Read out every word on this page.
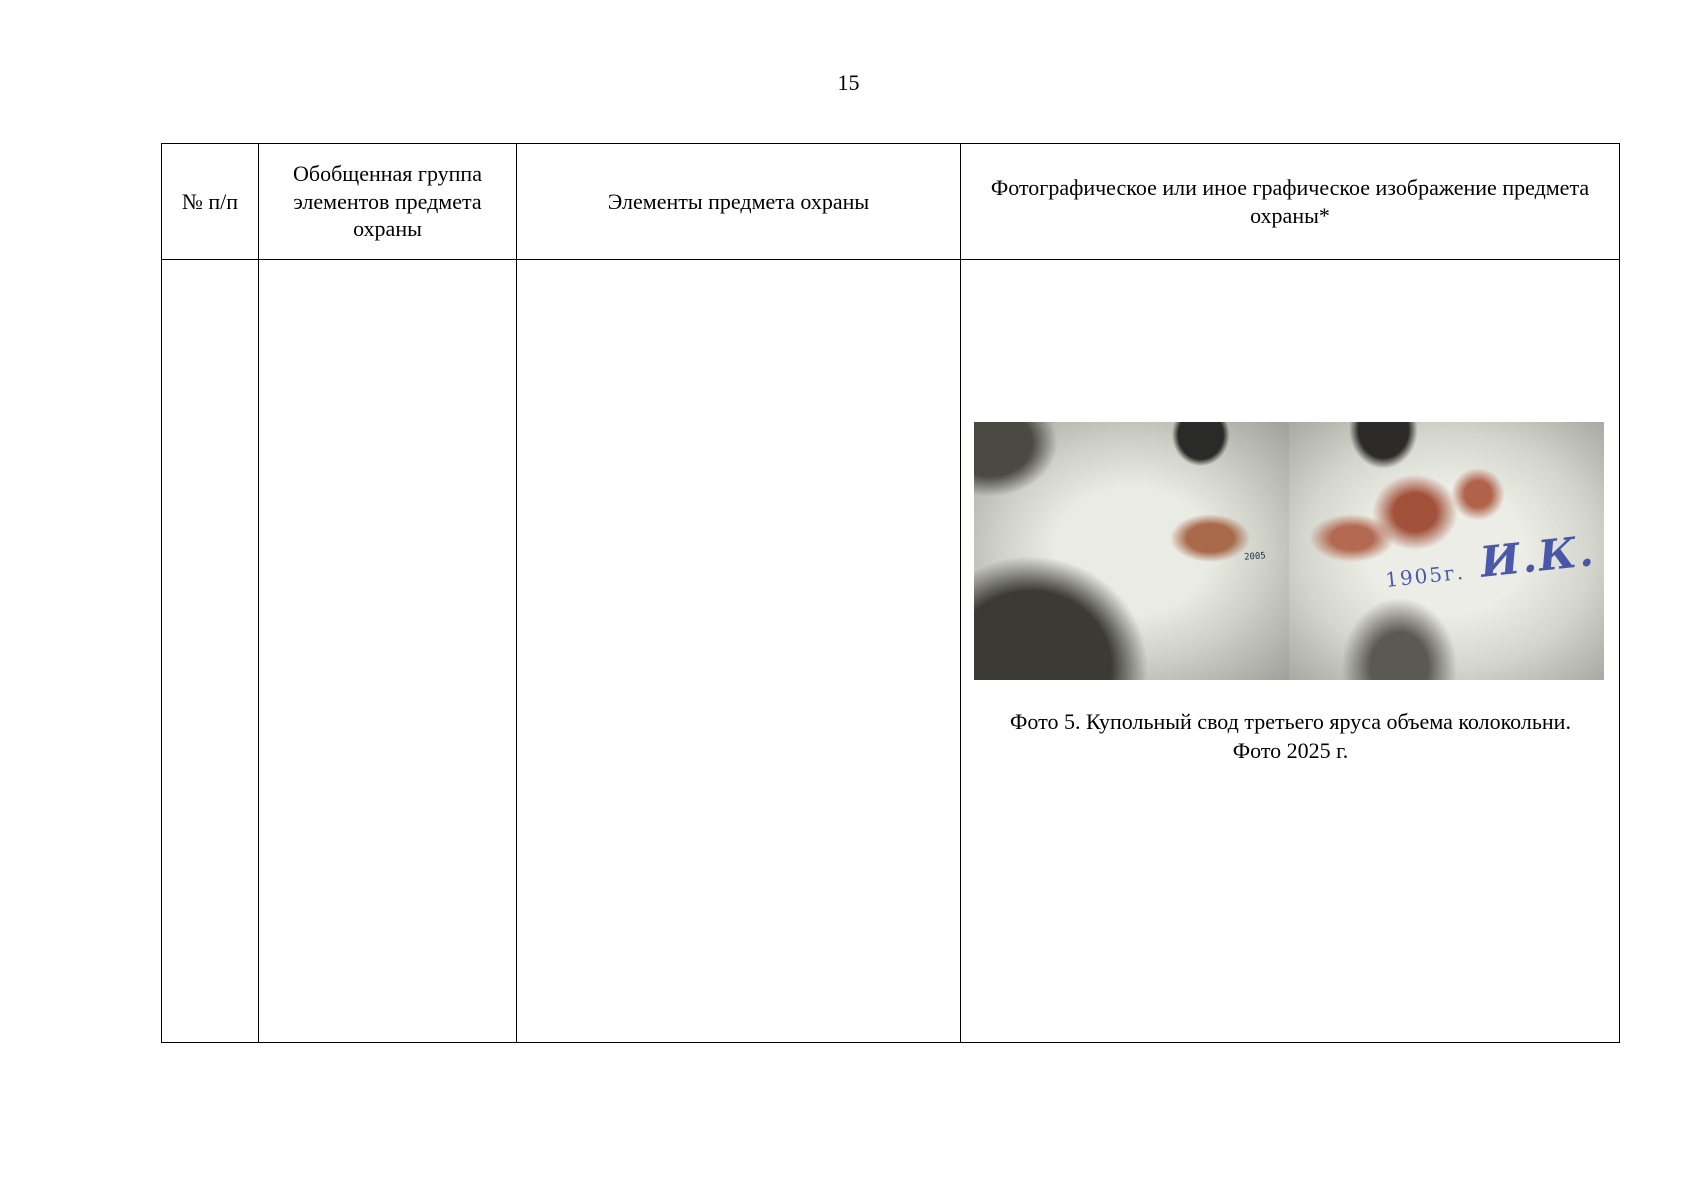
15
№ п/п	Обобщенная группа элементов предмета охраны	Элементы предмета охраны	Фотографическое или иное графическое изображение предмета охраны*

			2005
1905г. И.К.
Фото 5. Купольный свод третьего яруса объема колокольни.
Фото 2025 г.
